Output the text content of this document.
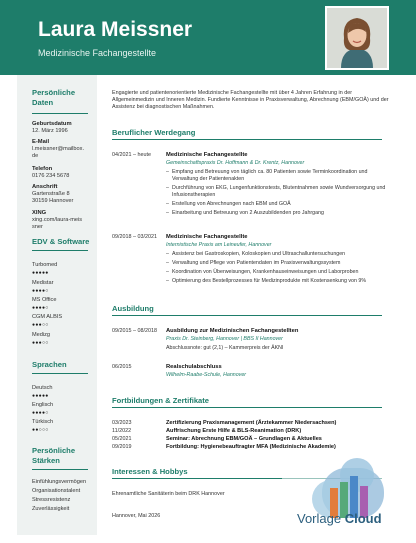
Laura Meissner
Medizinische Fachangestellte
Persönliche Daten
Geburtsdatum
12. März 1996
E-Mail
l.meissner@mailbox.de
Telefon
0176 234 5678
Anschrift
Gartenstraße 8
30159 Hannover
XING
xing.com/laura-meissner
EDV & Software
Turbomed
●●●●●
Medistar
●●●●○
MS Office
●●●●○
CGM ALBIS
●●●○○
Medizg
●●●○○
Sprachen
Deutsch
●●●●●
Englisch
●●●●○
Türkisch
●●○○○
Persönliche Stärken
Einfühlungsvermögen
Organisationstalent
Stressresistenz
Zuverlässigkeit
Engagierte und patientenorientierte Medizinische Fachangestellte mit über 4 Jahren Erfahrung in der Allgemeinmedizin und Inneren Medizin. Fundierte Kenntnisse in Praxisverwaltung, Abrechnung (EBM/GOÄ) und der Assistenz bei diagnostischen Maßnahmen.
Beruflicher Werdegang
04/2021 – heute	Medizinische Fachangestellte
Gemeinschaftspraxis Dr. Hoffmann & Dr. Krentz, Hannover
– Empfang und Betreuung von täglich ca. 80 Patienten sowie Terminkoordination und Verwaltung der Patientenakten
– Durchführung von EKG, Lungenfunktionstests, Blutentnahmen sowie Wundversorgung und Infusionstherapien
– Erstellung von Abrechnungen nach EBM und GOÄ
– Einarbeitung und Betreuung von 2 Auszubildenden pro Jahrgang
09/2018 – 03/2021 Medizinische Fachangestellte
Internistische Praxis am Leineufer, Hannover
– Assistenz bei Gastroskopien, Koloskopien und Ultraschalluntersuchungen
– Verwaltung und Pflege von Patientendaten im Praxisverwaltungssystem
– Koordination von Überweisungen, Krankenhauseinweisungen und Laborproben
– Optimierung des Bestellprozesses für Medizinprodukte mit Kostensenkung von 9%
Ausbildung
09/2015 – 08/2018 Ausbildung zur Medizinischen Fachangestellten
Praxis Dr. Steinberg, Hannover | BBS II Hannover
Abschlussnote: gut (2,1) – Kammerpreis der ÄKNI
06/2015	Realschulabschluss
Wilhelm-Raabe-Schule, Hannover
Fortbildungen & Zertifikate
03/2023	Zertifizierung Praxismanagement (Ärztekammer Niedersachsen)
11/2022	Auffrischung Erste Hilfe & BLS-Reanimation (DRK)
05/2021	Seminar: Abrechnung EBM/GOÄ – Grundlagen & Aktuelles
09/2019	Fortbildung: Hygienebeauftragter MFA (Medizinische Akademie)
Interessen & Hobbys
Ehrenamtliche Sanitäterin beim DRK Hannover
Hannover, Mai 2026	Vorlage Cloud
